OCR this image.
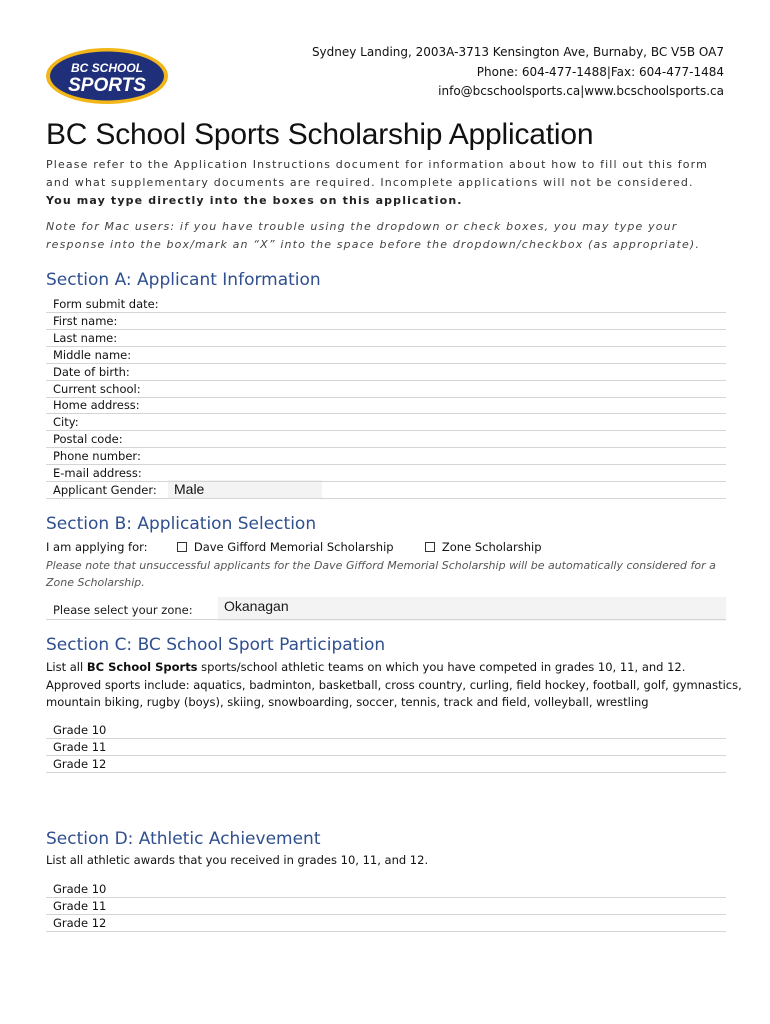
BC SCHOOL
SPORTS
Sydney Landing, 2003A-3713 Kensington Ave, Burnaby, BC V5B OA7
Phone: 604-477-1488|Fax: 604-477-1484
info@bcschoolsports.ca|www.bcschoolsports.ca
BC School Sports Scholarship Application
Please refer to the Application Instructions document for information about how to fill out this form and what supplementary documents are required. Incomplete applications will not be considered.
You may type directly into the boxes on this application.
Note for Mac users: if you have trouble using the dropdown or check boxes, you may type your response into the box/mark an “X” into the space before the dropdown/checkbox (as appropriate).
Section A: Applicant Information
Form submit date:
First name:
Last name:
Middle name:
Date of birth:
Current school:
Home address:
City:
Postal code:
Phone number:
E-mail address:
Applicant Gender: Male
Section B: Application Selection
I am applying for:	Dave Gifford Memorial Scholarship	Zone Scholarship
Please note that unsuccessful applicants for the Dave Gifford Memorial Scholarship will be automatically considered for a Zone Scholarship.
Please select your zone: Okanagan
Section C: BC School Sport Participation
List all BC School Sports sports/school athletic teams on which you have competed in grades 10, 11, and 12.
Approved sports include: aquatics, badminton, basketball, cross country, curling, field hockey, football, golf, gymnastics, mountain biking, rugby (boys), skiing, snowboarding, soccer, tennis, track and field, volleyball, wrestling
Grade 10
Grade 11
Grade 12
Section D: Athletic Achievement
List all athletic awards that you received in grades 10, 11, and 12.
Grade 10
Grade 11
Grade 12
